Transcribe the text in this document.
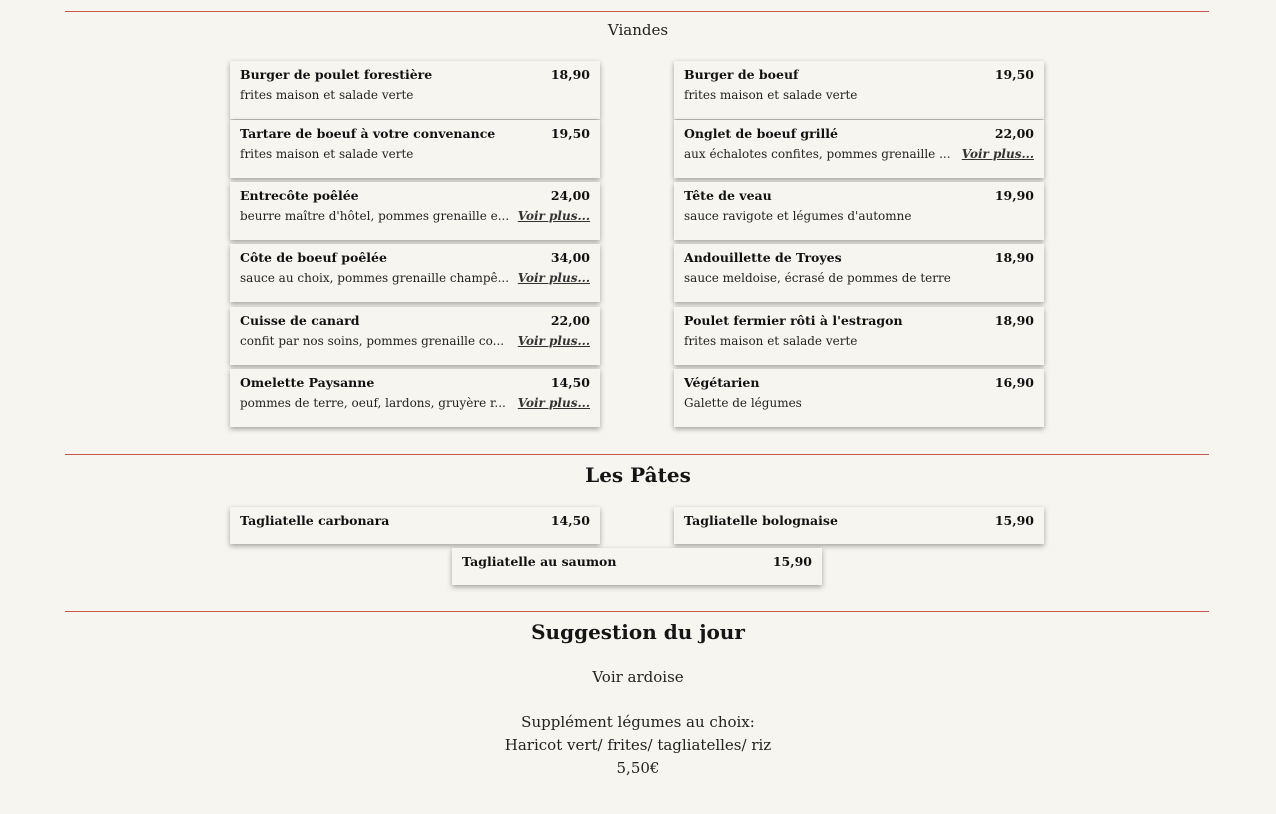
Viandes
Burger de poulet forestière	18,90
frites maison et salade verte
Tartare de boeuf à votre convenance	19,50
frites maison et salade verte
Entrecôte poêlée	24,00
beurre maître d'hôtel, pommes grenaille e... Voir plus...
Côte de boeuf poêlée	34,00
sauce au choix, pommes grenaille champê... Voir plus...
Cuisse de canard	22,00
confit par nos soins, pommes grenaille co... Voir plus...
Omelette Paysanne	14,50
pommes de terre, oeuf, lardons, gruyère r... Voir plus...
Burger de boeuf	19,50
frites maison et salade verte
Onglet de boeuf grillé	22,00
aux échalotes confites, pommes grenaille ... Voir plus...
Tête de veau	19,90
sauce ravigote et légumes d'automne
Andouillette de Troyes	18,90
sauce meldoise, écrasé de pommes de terre
Poulet fermier rôti à l'estragon	18,90
frites maison et salade verte
Végétarien	16,90
Galette de légumes
Les Pâtes
Tagliatelle carbonara	14,50	Tagliatelle bolognaise	15,90
Tagliatelle au saumon	15,90
Suggestion du jour
Voir ardoise
Supplément légumes au choix:
Haricot vert/ frites/ tagliatelles/ riz
5,50€
